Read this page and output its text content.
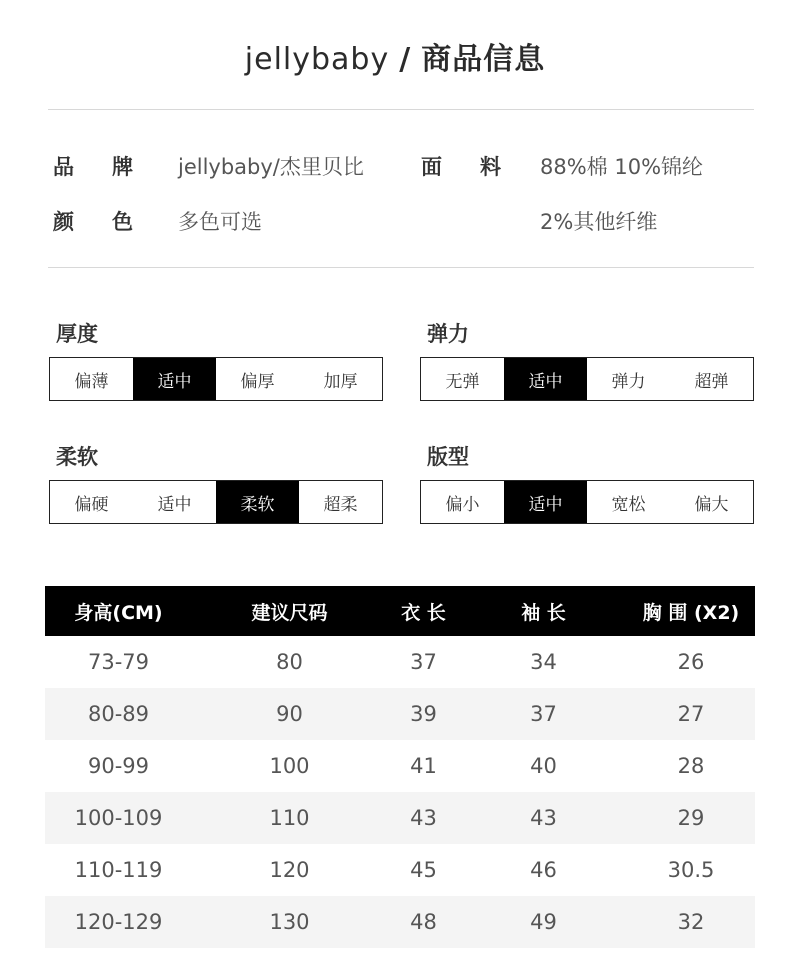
jellybaby / 商品信息
品牌 jellybaby/杰里贝比	面料 88%棉 10%锦纶
颜色 多色可选	2%其他纤维
厚度
偏薄	适中	偏厚	加厚
弹力
无弹	适中	弹力	超弹
柔软
偏硬	适中	柔软	超柔
版型
偏小	适中	宽松	偏大
身高(CM)	建议尺码	衣 长	袖 长	胸 围 (X2)
73-79	80	37	34	26
80-89	90	39	37	27
90-99	100	41	40	28
100-109	110	43	43	29
110-119	120	45	46	30.5
120-129	130	48	49	32
